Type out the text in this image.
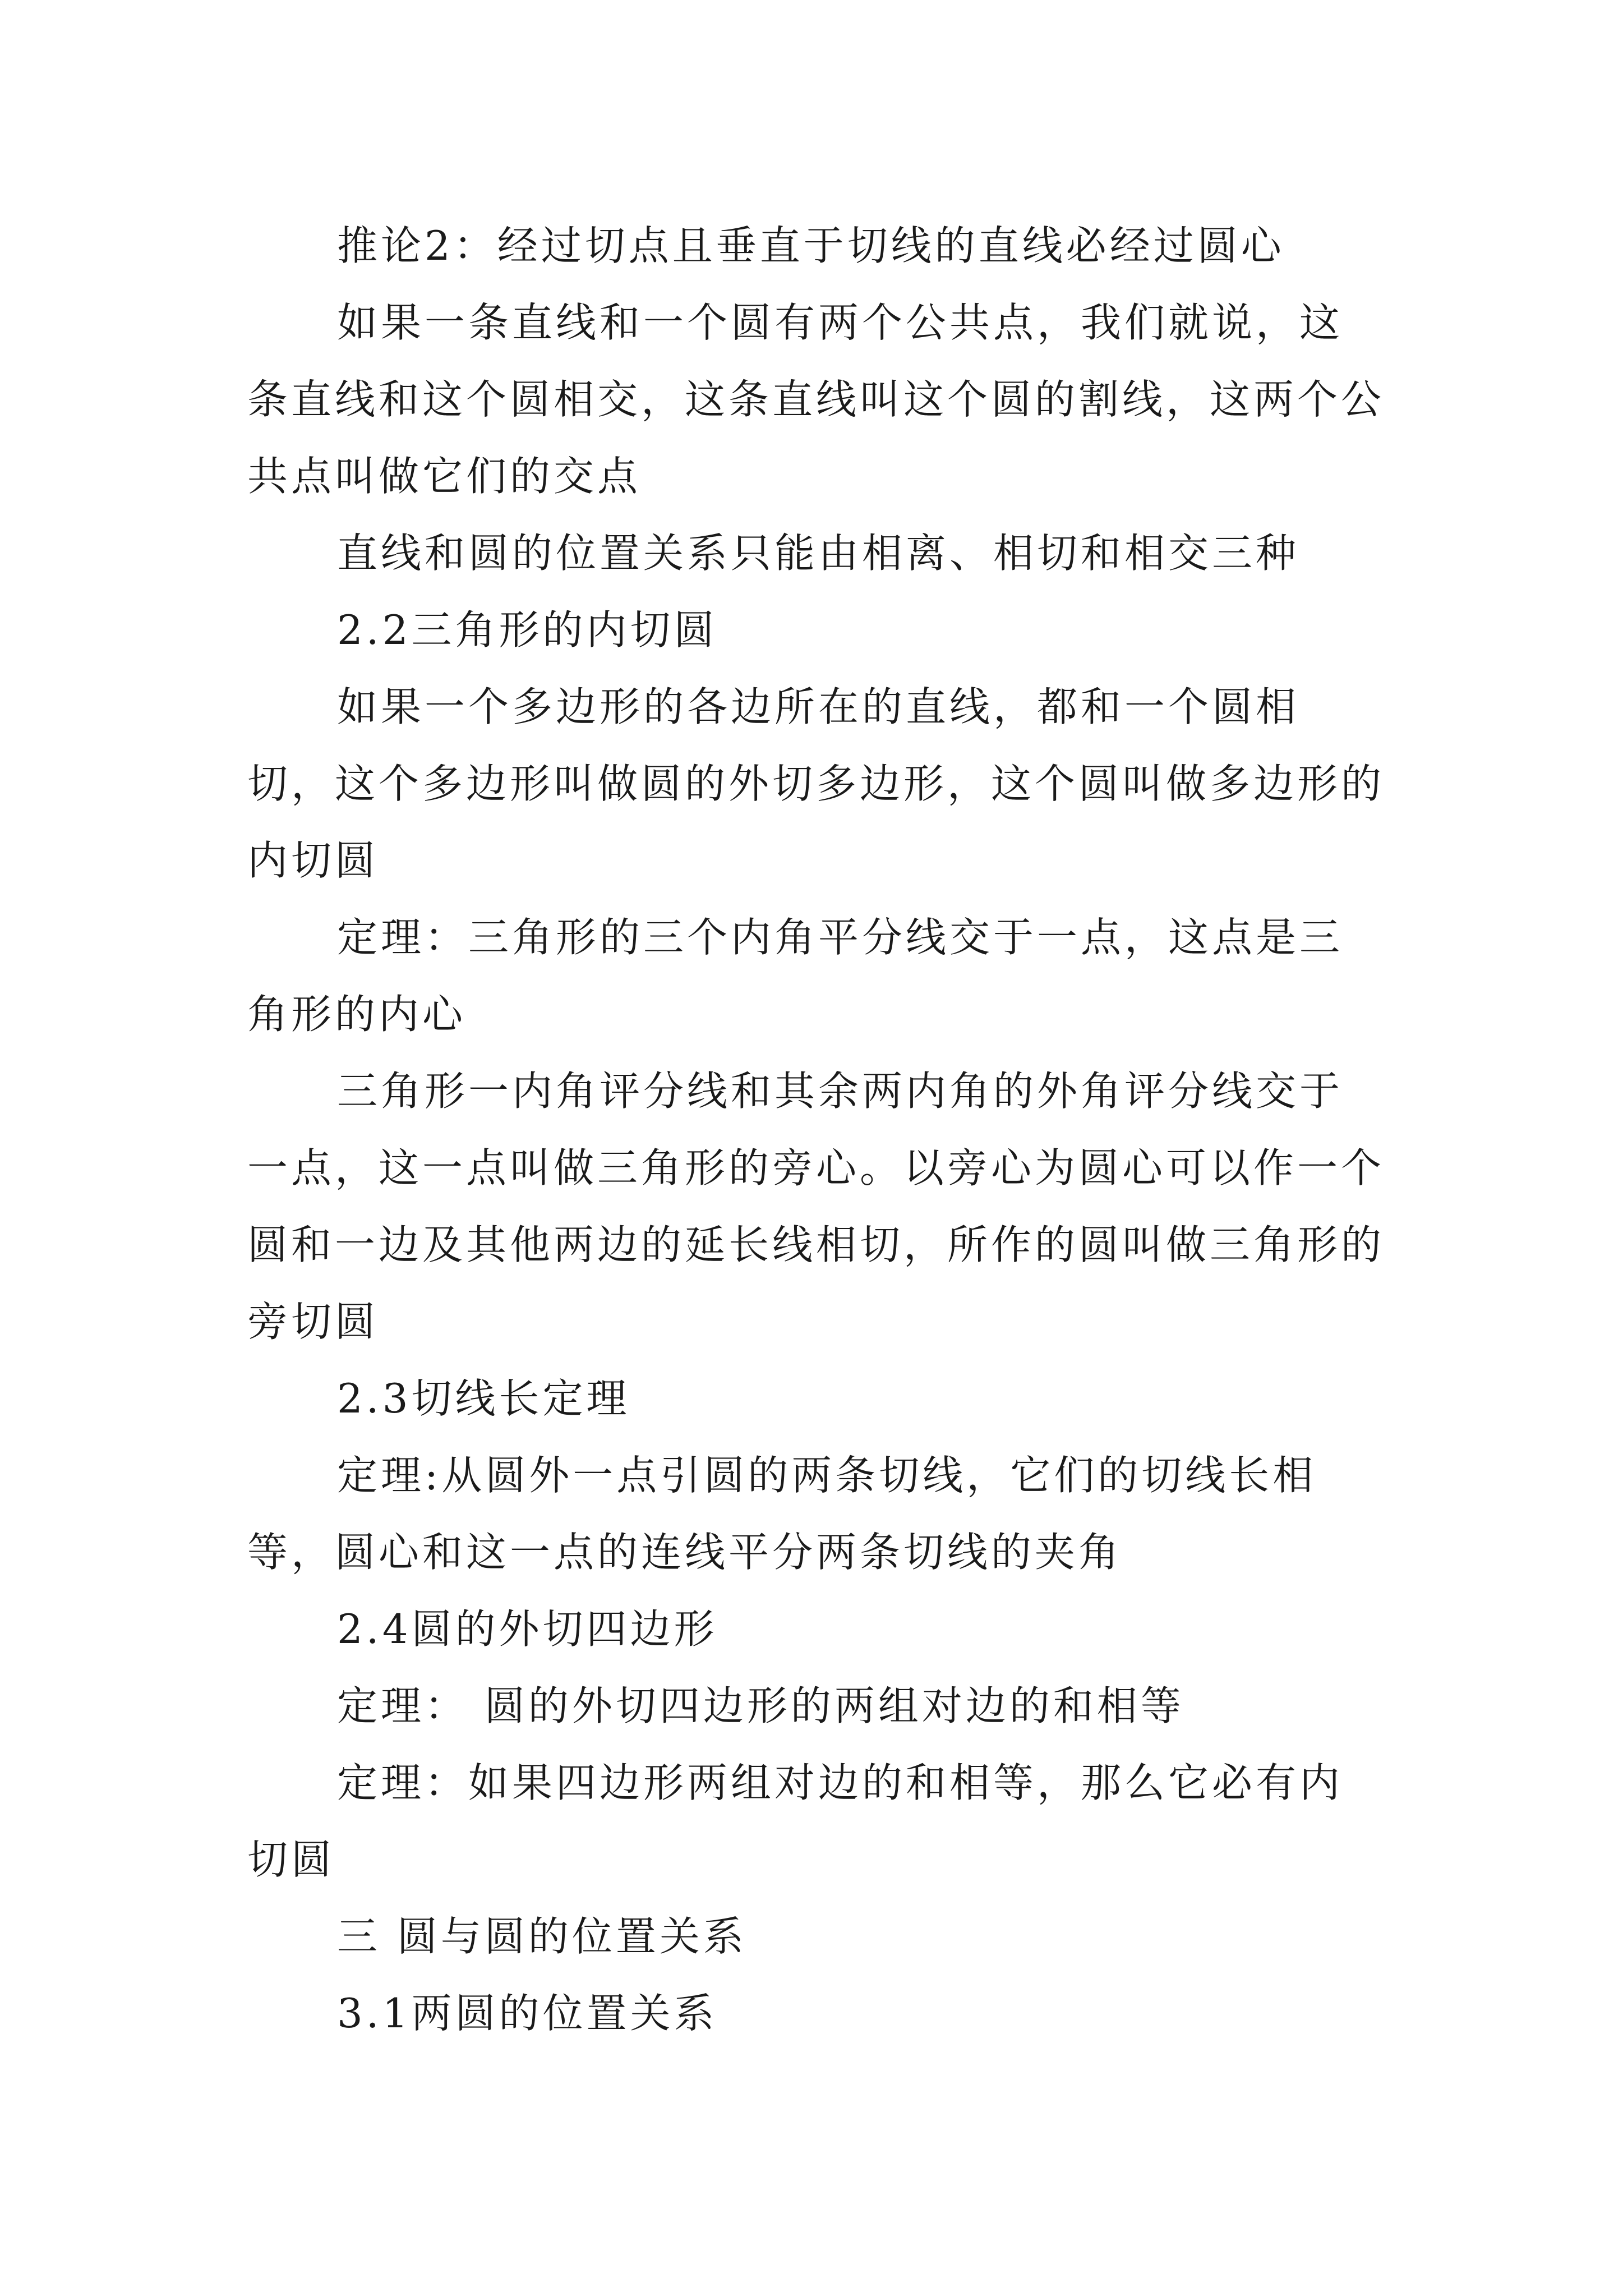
推论2：经过切点且垂直于切线的直线必经过圆心

如果一条直线和一个圆有两个公共点，我们就说，这条直线和这个圆相交，这条直线叫这个圆的割线，这两个公共点叫做它们的交点

直线和圆的位置关系只能由相离、相切和相交三种

2.2三角形的内切圆

如果一个多边形的各边所在的直线，都和一个圆相切，这个多边形叫做圆的外切多边形，这个圆叫做多边形的内切圆

定理：三角形的三个内角平分线交于一点，这点是三角形的内心

三角形一内角评分线和其余两内角的外角评分线交于一点，这一点叫做三角形的旁心。以旁心为圆心可以作一个圆和一边及其他两边的延长线相切，所作的圆叫做三角形的旁切圆

2.3切线长定理

定理:从圆外一点引圆的两条切线，它们的切线长相等，圆心和这一点的连线平分两条切线的夹角

2.4圆的外切四边形

定理： 圆的外切四边形的两组对边的和相等

定理：如果四边形两组对边的和相等，那么它必有内切圆

三 圆与圆的位置关系

3.1两圆的位置关系
